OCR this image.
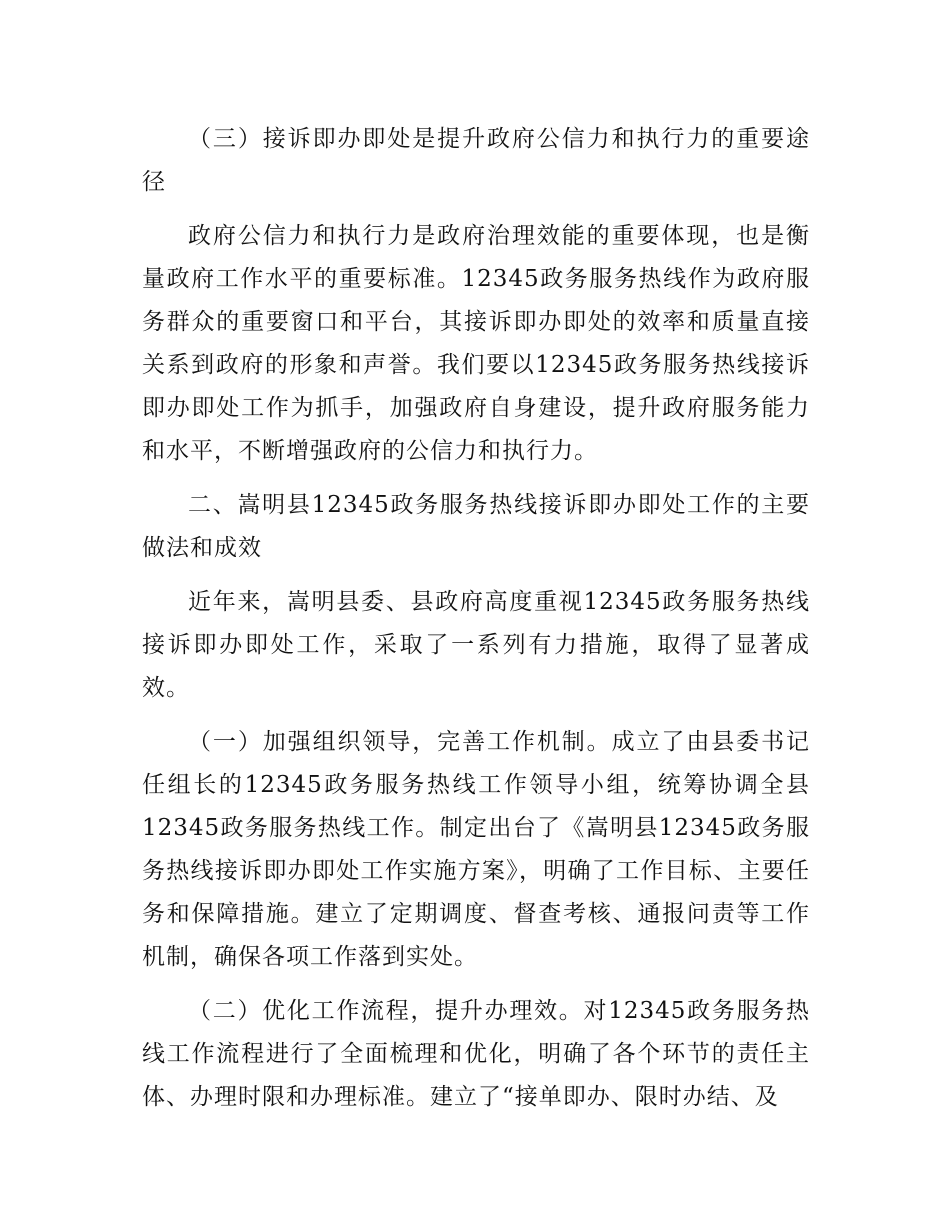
（三）接诉即办即处是提升政府公信力和执行力的重要途径

政府公信力和执行力是政府治理效能的重要体现，也是衡量政府工作水平的重要标准。12345政务服务热线作为政府服务群众的重要窗口和平台，其接诉即办即处的效率和质量直接关系到政府的形象和声誉。我们要以12345政务服务热线接诉即办即处工作为抓手，加强政府自身建设，提升政府服务能力和水平，不断增强政府的公信力和执行力。

二、嵩明县12345政务服务热线接诉即办即处工作的主要做法和成效

近年来，嵩明县委、县政府高度重视12345政务服务热线接诉即办即处工作，采取了一系列有力措施，取得了显著成效。

（一）加强组织领导，完善工作机制。成立了由县委书记任组长的12345政务服务热线工作领导小组，统筹协调全县12345政务服务热线工作。制定出台了《嵩明县12345政务服务热线接诉即办即处工作实施方案》，明确了工作目标、主要任务和保障措施。建立了定期调度、督查考核、通报问责等工作机制，确保各项工作落到实处。

（二）优化工作流程，提升办理效。对12345政务服务热线工作流程进行了全面梳理和优化，明确了各个环节的责任主体、办理时限和办理标准。建立了“接单即办、限时办结、及
